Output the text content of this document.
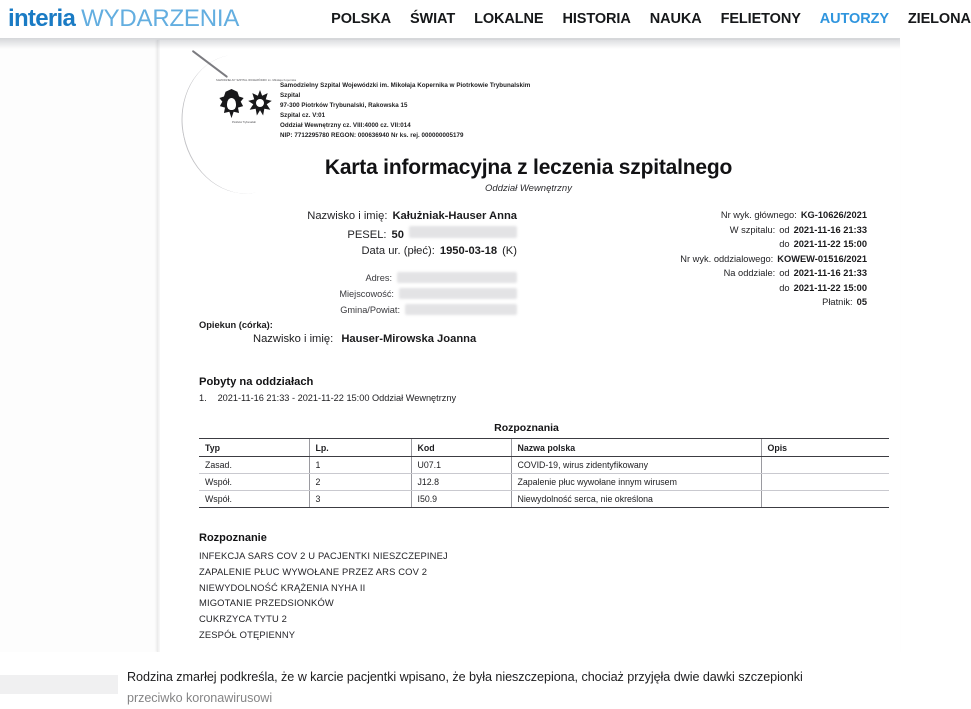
interia WYDARZENIA	POLSKA ŚWIAT LOKALNE HISTORIA NAUKA FELIETONY AUTORZY ZIELONA
SAMODZIELNY SZPITAL WOJEWÓDZKI im. Mikołaja Kopernika
Piotrków Trybunalski
Samodzielny Szpital Wojewódzki im. Mikołaja Kopernika w Piotrkowie Trybunalskim
Szpital
97-300 Piotrków Trybunalski, Rakowska 15
Szpital cz. V:01
Oddział Wewnętrzny cz. VIII:4000 cz. VII:014
NIP: 7712295780 REGON: 000636940 Nr ks. rej. 000000005179
Karta informacyjna z leczenia szpitalnego
Oddział Wewnętrzny
Nazwisko i imię: Kałużniak-Hauser Anna
PESEL: 50
Data ur. (płeć): 1950-03-18 (K)
Adres:
Miejscowość:
Gmina/Powiat:
Nr wyk. głównego: KG-10626/2021
W szpitalu: od 2021-11-16 21:33
do 2021-11-22 15:00
Nr wyk. oddzialowego: KOWEW-01516/2021
Na oddziale: od 2021-11-16 21:33
do 2021-11-22 15:00
Płatnik: 05
Opiekun (córka):
Nazwisko i imię: Hauser-Mirowska Joanna
Pobyty na oddziałach
1. 2021-11-16 21:33 - 2021-11-22 15:00 Oddział Wewnętrzny
Rozpoznania
Typ	Lp.	Kod	Nazwa polska	Opis
Zasad.	1	U07.1	COVID-19, wirus zidentyfikowany	
Współ.	2	J12.8	Zapalenie płuc wywołane innym wirusem	
Współ.	3	I50.9	Niewydolność serca, nie określona	
Rozpoznanie
INFEKCJA SARS COV 2 U PACJENTKI NIESZCZEPINEJ
ZAPALENIE PŁUC WYWOŁANE PRZEZ ARS COV 2
NIEWYDOLNOŚĆ KRĄŻENIA NYHA II
MIGOTANIE PRZEDSIONKÓW
CUKRZYCA TYTU 2
ZESPÓŁ OTĘPIENNY
Rodzina zmarłej podkreśla, że w karcie pacjentki wpisano, że była nieszczepiona, chociaż przyjęła dwie dawki szczepionki
przeciwko koronawirusowi
